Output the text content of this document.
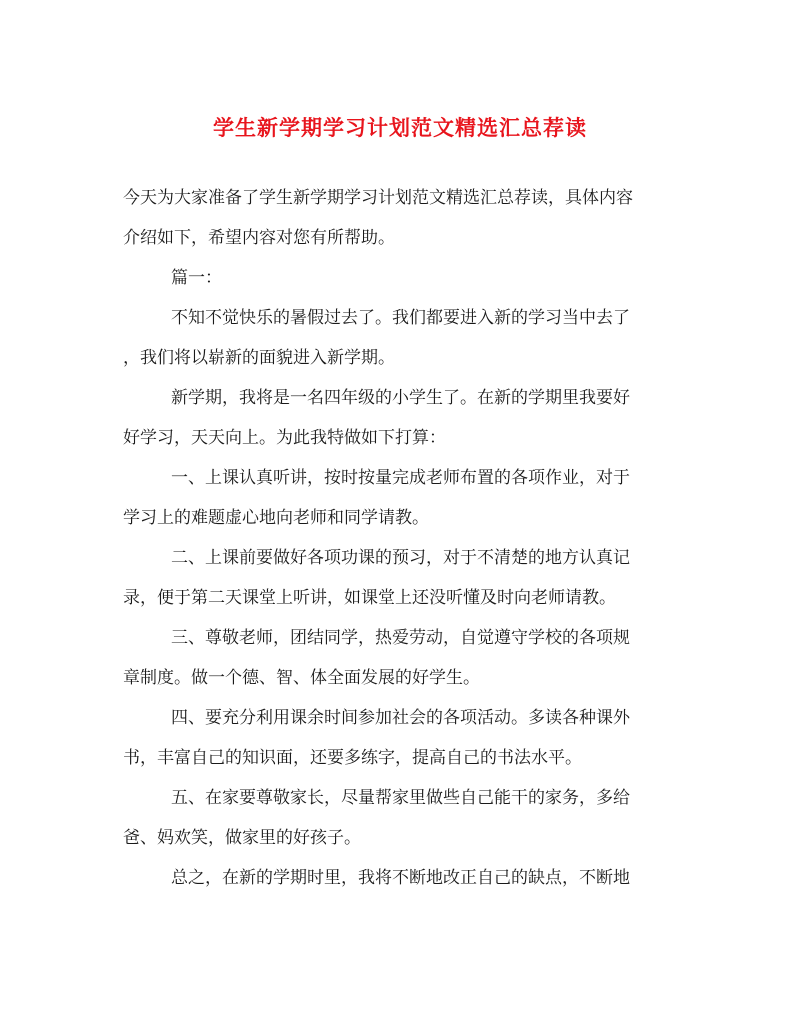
学生新学期学习计划范文精选汇总荐读
今天为大家准备了学生新学期学习计划范文精选汇总荐读，具体内容
介绍如下，希望内容对您有所帮助。
篇一：
不知不觉快乐的暑假过去了。我们都要进入新的学习当中去了
，我们将以崭新的面貌进入新学期。
新学期，我将是一名四年级的小学生了。在新的学期里我要好
好学习，天天向上。为此我特做如下打算：
一、上课认真听讲，按时按量完成老师布置的各项作业，对于
学习上的难题虚心地向老师和同学请教。
二、上课前要做好各项功课的预习，对于不清楚的地方认真记
录，便于第二天课堂上听讲，如课堂上还没听懂及时向老师请教。
三、尊敬老师，团结同学，热爱劳动，自觉遵守学校的各项规
章制度。做一个德、智、体全面发展的好学生。
四、要充分利用课余时间参加社会的各项活动。多读各种课外
书，丰富自己的知识面，还要多练字，提高自己的书法水平。
五、在家要尊敬家长，尽量帮家里做些自己能干的家务，多给
爸、妈欢笑，做家里的好孩子。
总之，在新的学期时里，我将不断地改正自己的缺点，不断地
